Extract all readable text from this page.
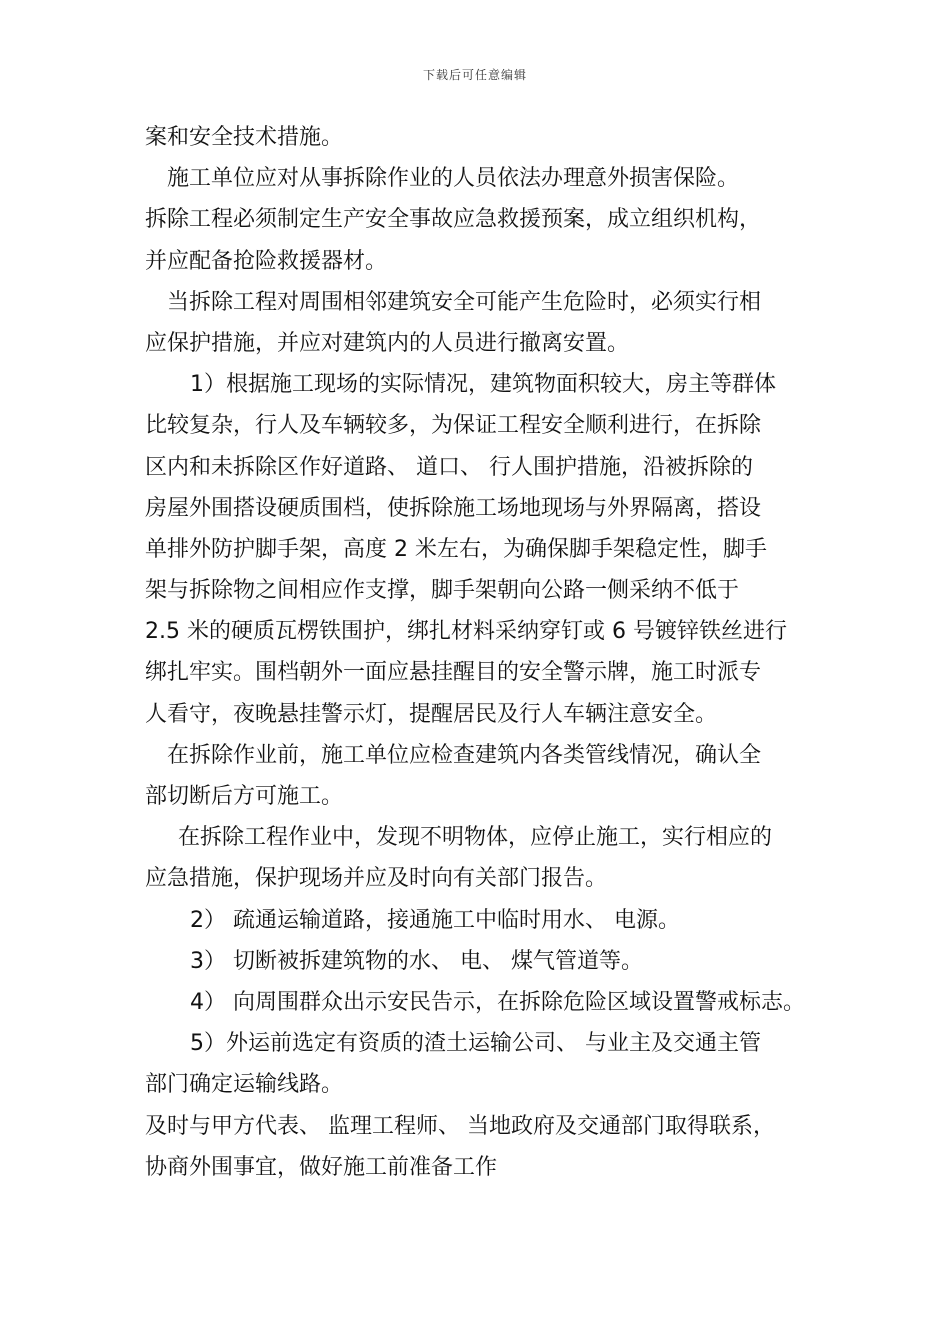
下载后可任意编辑
案和安全技术措施。
施工单位应对从事拆除作业的人员依法办理意外损害保险。
拆除工程必须制定生产安全事故应急救援预案，成立组织机构，
并应配备抢险救援器材。
当拆除工程对周围相邻建筑安全可能产生危险时，必须实行相
应保护措施，并应对建筑内的人员进行撤离安置。
1）根据施工现场的实际情况，建筑物面积较大，房主等群体
比较复杂，行人及车辆较多，为保证工程安全顺利进行，在拆除
区内和未拆除区作好道路、 道口、 行人围护措施，沿被拆除的
房屋外围搭设硬质围档，使拆除施工场地现场与外界隔离，搭设
单排外防护脚手架，高度 2 米左右，为确保脚手架稳定性，脚手
架与拆除物之间相应作支撑，脚手架朝向公路一侧采纳不低于
2.5 米的硬质瓦楞铁围护，绑扎材料采纳穿钉或 6 号镀锌铁丝进行
绑扎牢实。围档朝外一面应悬挂醒目的安全警示牌，施工时派专
人看守，夜晚悬挂警示灯，提醒居民及行人车辆注意安全。
在拆除作业前，施工单位应检查建筑内各类管线情况，确认全
部切断后方可施工。
在拆除工程作业中，发现不明物体，应停止施工，实行相应的
应急措施，保护现场并应及时向有关部门报告。
2） 疏通运输道路，接通施工中临时用水、 电源。
3） 切断被拆建筑物的水、 电、 煤气管道等。
4） 向周围群众出示安民告示，在拆除危险区域设置警戒标志。
5）外运前选定有资质的渣土运输公司、 与业主及交通主管
部门确定运输线路。
及时与甲方代表、 监理工程师、 当地政府及交通部门取得联系，
协商外围事宜，做好施工前准备工作
